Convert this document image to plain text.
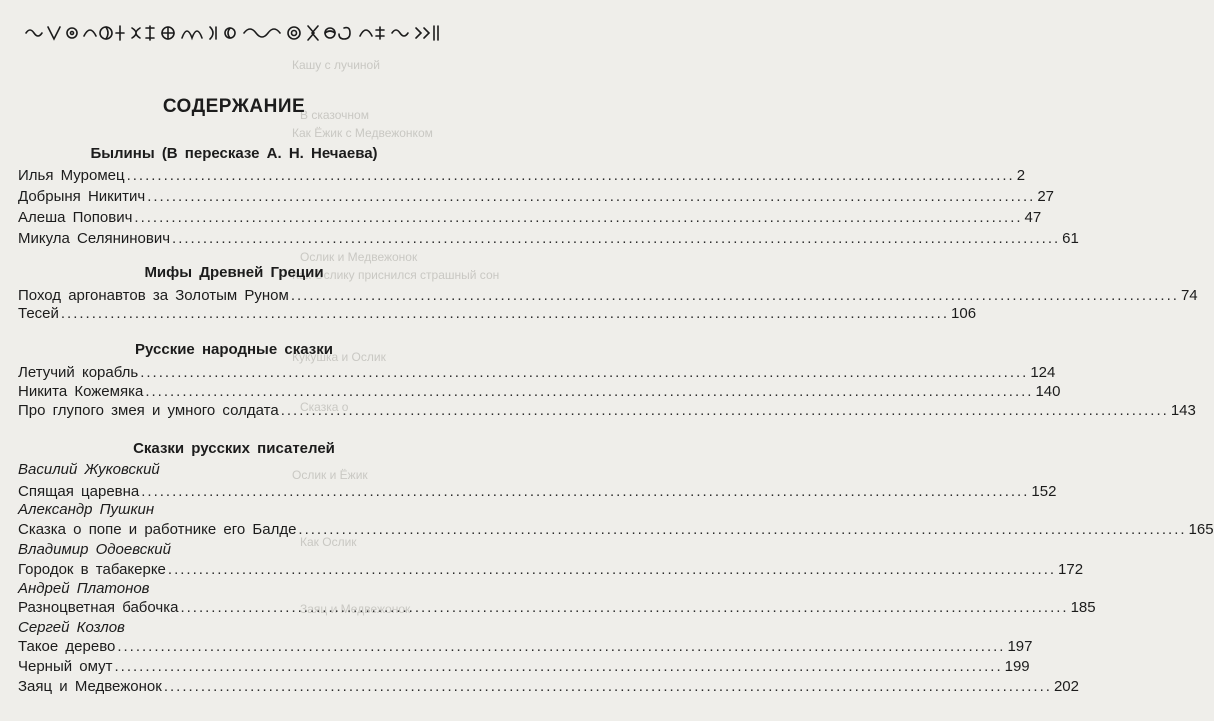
Кашу с лучиной
В сказочном
Как Ёжик с Медвежонком
Ослик и Медвежонок
Как Ослику приснился страшный сон
Кукушка и Ослик
Сказка о
Ослик и Ёжик
Как Ослик
Заяц и Медвежонок
СОДЕРЖАНИЕ
Былины (В пересказе А. Н. Нечаева)
Илья Муромец .....	2
Добрыня Никитич .....	27
Алеша Попович .....	47
Микула Селянинович .....	61
Мифы Древней Греции
Поход аргонавтов за Золотым Руном .....	74
Тесей .....	106
Русские народные сказки
Летучий корабль .....	124
Никита Кожемяка .....	140
Про глупого змея и умного солдата .....	143
Сказки русских писателей
Василий Жуковский
Спящая царевна .....	152
Александр Пушкин
Сказка о попе и работнике его Балде .....	165
Владимир Одоевский
Городок в табакерке .....	172
Андрей Платонов
Разноцветная бабочка .....	185
Сергей Козлов
Такое дерево .....	197
Черный омут .....	199
Заяц и Медвежонок .....	202
